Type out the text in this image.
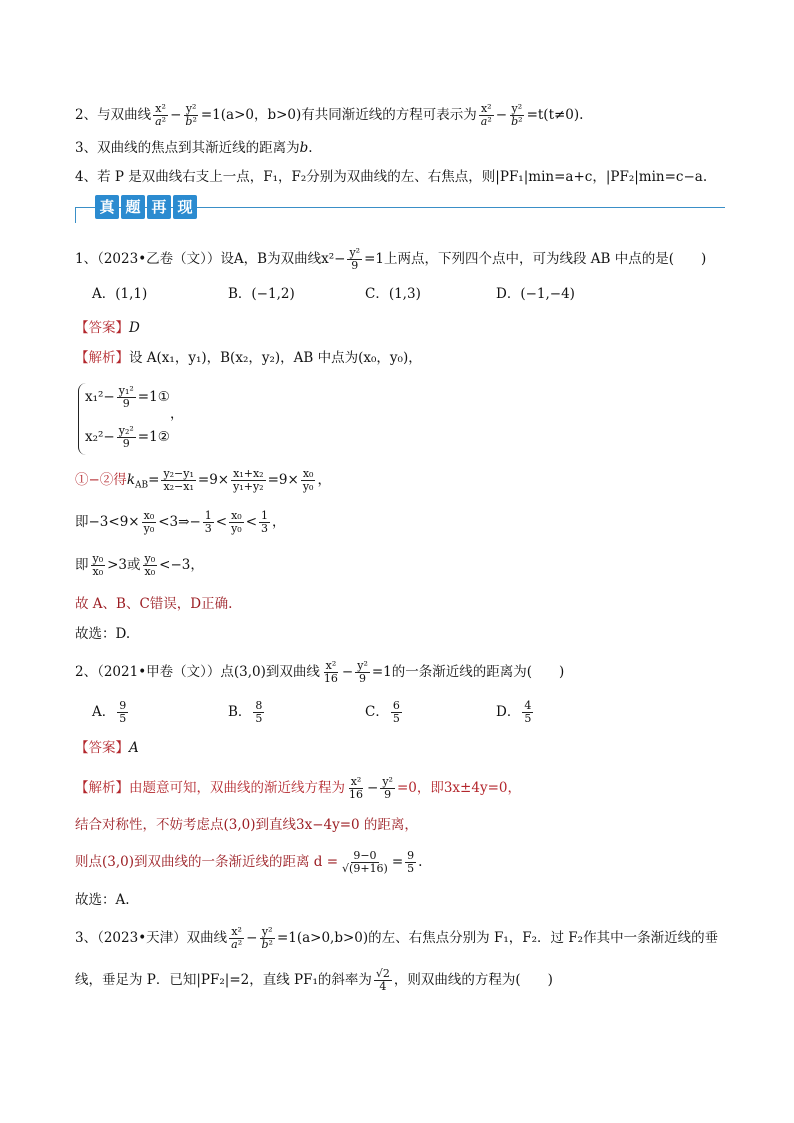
2、与双曲线 $\frac{\text{x²}}{\text{a²}} - \frac{\text{y²}}{\text{b²}} =1(a>0$，b>0)有共同渐近线的方程可表示为 $\frac{\text{x²}}{\text{a²}} - \frac{\text{y²}}{\text{b²}} =t(t\ne 0)$.
3、双曲线的焦点到其渐近线的距离为b.
4、若 P 是双曲线右支上一点，F₁，F₂分别为双曲线的左、右焦点，则|PF₁|min=a+c，|PF₂|min=c−a.
真 题 再 现
1、（2023•乙卷（文））设A，B为双曲线$x^2- \frac{\text{y²}}{9} =1$上两点，下列四个点中，可为线段 AB 中点的是(　　)
A．(1,1)	B．(−1,2)	C．(1,3)	D．(−1,−4)
【答案】D
【解析】设 A(x₁，y₁)，B(x₂，y₂)，AB 中点为(x₀，y₀)，
$x_1^2- \frac{\text{y₁²}}{9}$ =1①
，
$x_2^2- \frac{\text{y₂²}}{9}$ =1②
①−②得$k_{AB}= \frac{\text{y₂−y₁}}{\text{x₂−x₁}} =9\times \frac{\text{x₁+x₂}}{\text{y₁+y₂}} =9\times \frac{\text{x₀}}{\text{y₀}}$ ，
即$-3<9\times \frac{\text{x₀}}{\text{y₀}}$ <3⇒− $\frac{1}{3} < \frac{\text{x₀}}{\text{y₀}} < \frac{1}{3}$ ，
即 $\frac{\text{y₀}}{\text{x₀}} >3$或 $\frac{\text{y₀}}{\text{x₀}} <-3$，
故 A、B、C错误，D正确.
故选：D.
2、（2021•甲卷（文））点(3,0)到双曲线 $\frac{\text{x²}}{16} - \frac{\text{y²}}{9} =1$的一条渐近线的距离为(　　)
A． $\frac{9}{5}$	B． $\frac{8}{5}$	C． $\frac{6}{5}$	D． $\frac{4}{5}$
【答案】A
【解析】由题意可知，双曲线的渐近线方程为 $\frac{\text{x²}}{16} - \frac{\text{y²}}{9} =0$，即3x±4y=0，
结合对称性，不妨考虑点(3,0)到直线3x−4y=0 的距离，
则点(3,0)到双曲线的一条渐近线的距离 $d = \frac{9-0}{√(9+16)} = \frac{9}{5}$ .
故选：A.
3、（2023•天津）双曲线 $\frac{\text{x²}}{\text{a²}} - \frac{\text{y²}}{\text{b²}} =1(a>0,b>0)$的左、右焦点分别为 F₁，F₂．过 F₂作其中一条渐近线的垂
线，垂足为 P．已知|PF₂|=2，直线 PF₁的斜率为 $\frac{√2}{4}$ ，则双曲线的方程为(　　)
